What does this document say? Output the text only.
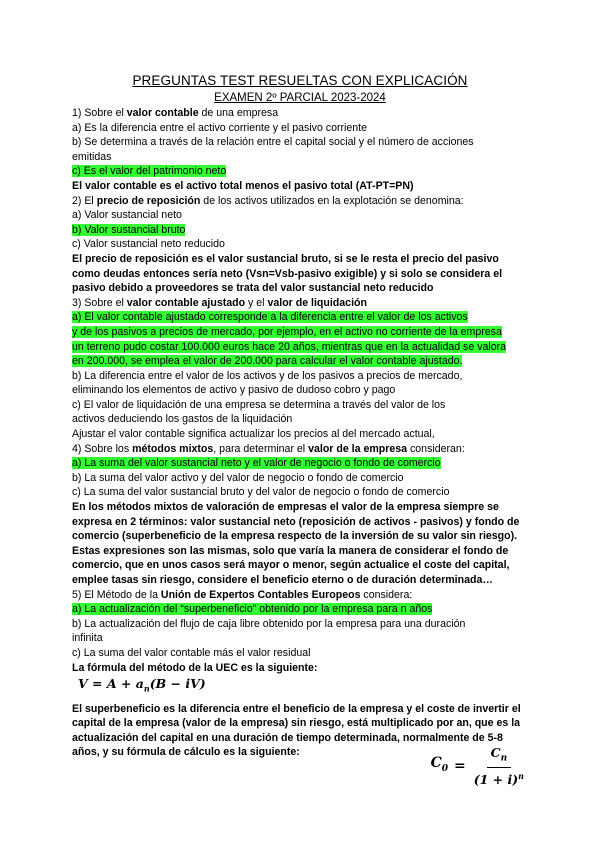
PREGUNTAS TEST RESUELTAS CON EXPLICACIÓN
EXAMEN 2º PARCIAL 2023-2024
1) Sobre el valor contable de una empresa
a) Es la diferencia entre el activo corriente y el pasivo corriente
b) Se determina a través de la relación entre el capital social y el número de acciones
emitidas
c) Es el valor del patrimonio neto
El valor contable es el activo total menos el pasivo total (AT-PT=PN)
2) El precio de reposición de los activos utilizados en la explotación se denomina:
a) Valor sustancial neto
b) Valor sustancial bruto
c) Valor sustancial neto reducido
El precio de reposición es el valor sustancial bruto, si se le resta el precio del pasivo como deudas entonces sería neto (Vsn=Vsb-pasivo exigible) y si solo se considera el pasivo debido a proveedores se trata del valor sustancial neto reducido
3) Sobre el valor contable ajustado y el valor de liquidación
a) El valor contable ajustado corresponde a la diferencia entre el valor de los activos
y de los pasivos a precios de mercado, por ejemplo, en el activo no corriente de la empresa
un terreno pudo costar 100.000 euros hace 20 años, mientras que en la actualidad se valora
en 200.000, se emplea el valor de 200.000 para calcular el valor contable ajustado.
b) La diferencia entre el valor de los activos y de los pasivos a precios de mercado,
eliminando los elementos de activo y pasivo de dudoso cobro y pago
c) El valor de liquidación de una empresa se determina a través del valor de los
activos deduciendo los gastos de la liquidación
Ajustar el valor contable significa actualizar los precios al del mercado actual,
4) Sobre los métodos mixtos, para determinar el valor de la empresa consideran:
a) La suma del valor sustancial neto y el valor de negocio o fondo de comercio
b) La suma del valor activo y del valor de negocio o fondo de comercio
c) La suma del valor sustancial bruto y del valor de negocio o fondo de comercio
En los métodos mixtos de valoración de empresas el valor de la empresa siempre se expresa en 2 términos: valor sustancial neto (reposición de activos - pasivos) y fondo de comercio (superbeneficio de la empresa respecto de la inversión de su valor sin riesgo). Estas expresiones son las mismas, solo que varía la manera de considerar el fondo de comercio, que en unos casos será mayor o menor, según actualice el coste del capital, emplee tasas sin riesgo, considere el beneficio eterno o de duración determinada…
5) El Método de la Unión de Expertos Contables Europeos considera:
a) La actualización del “superbeneficio” obtenido por la empresa para n años
b) La actualización del flujo de caja libre obtenido por la empresa para una duración
infinita
c) La suma del valor contable más el valor residual
La fórmula del método de la UEC es la siguiente:
$V = A + a_n(B - iV)$
El superbeneficio es la diferencia entre el beneficio de la empresa y el coste de invertir el capital de la empresa (valor de la empresa) sin riesgo, está multiplicado por an, que es la actualización del capital en una duración de tiempo determinada, normalmente de 5-8 años, y su fórmula de cálculo es la siguiente:
$C_0 = \frac{C_n}{(1 + i)^n}$
